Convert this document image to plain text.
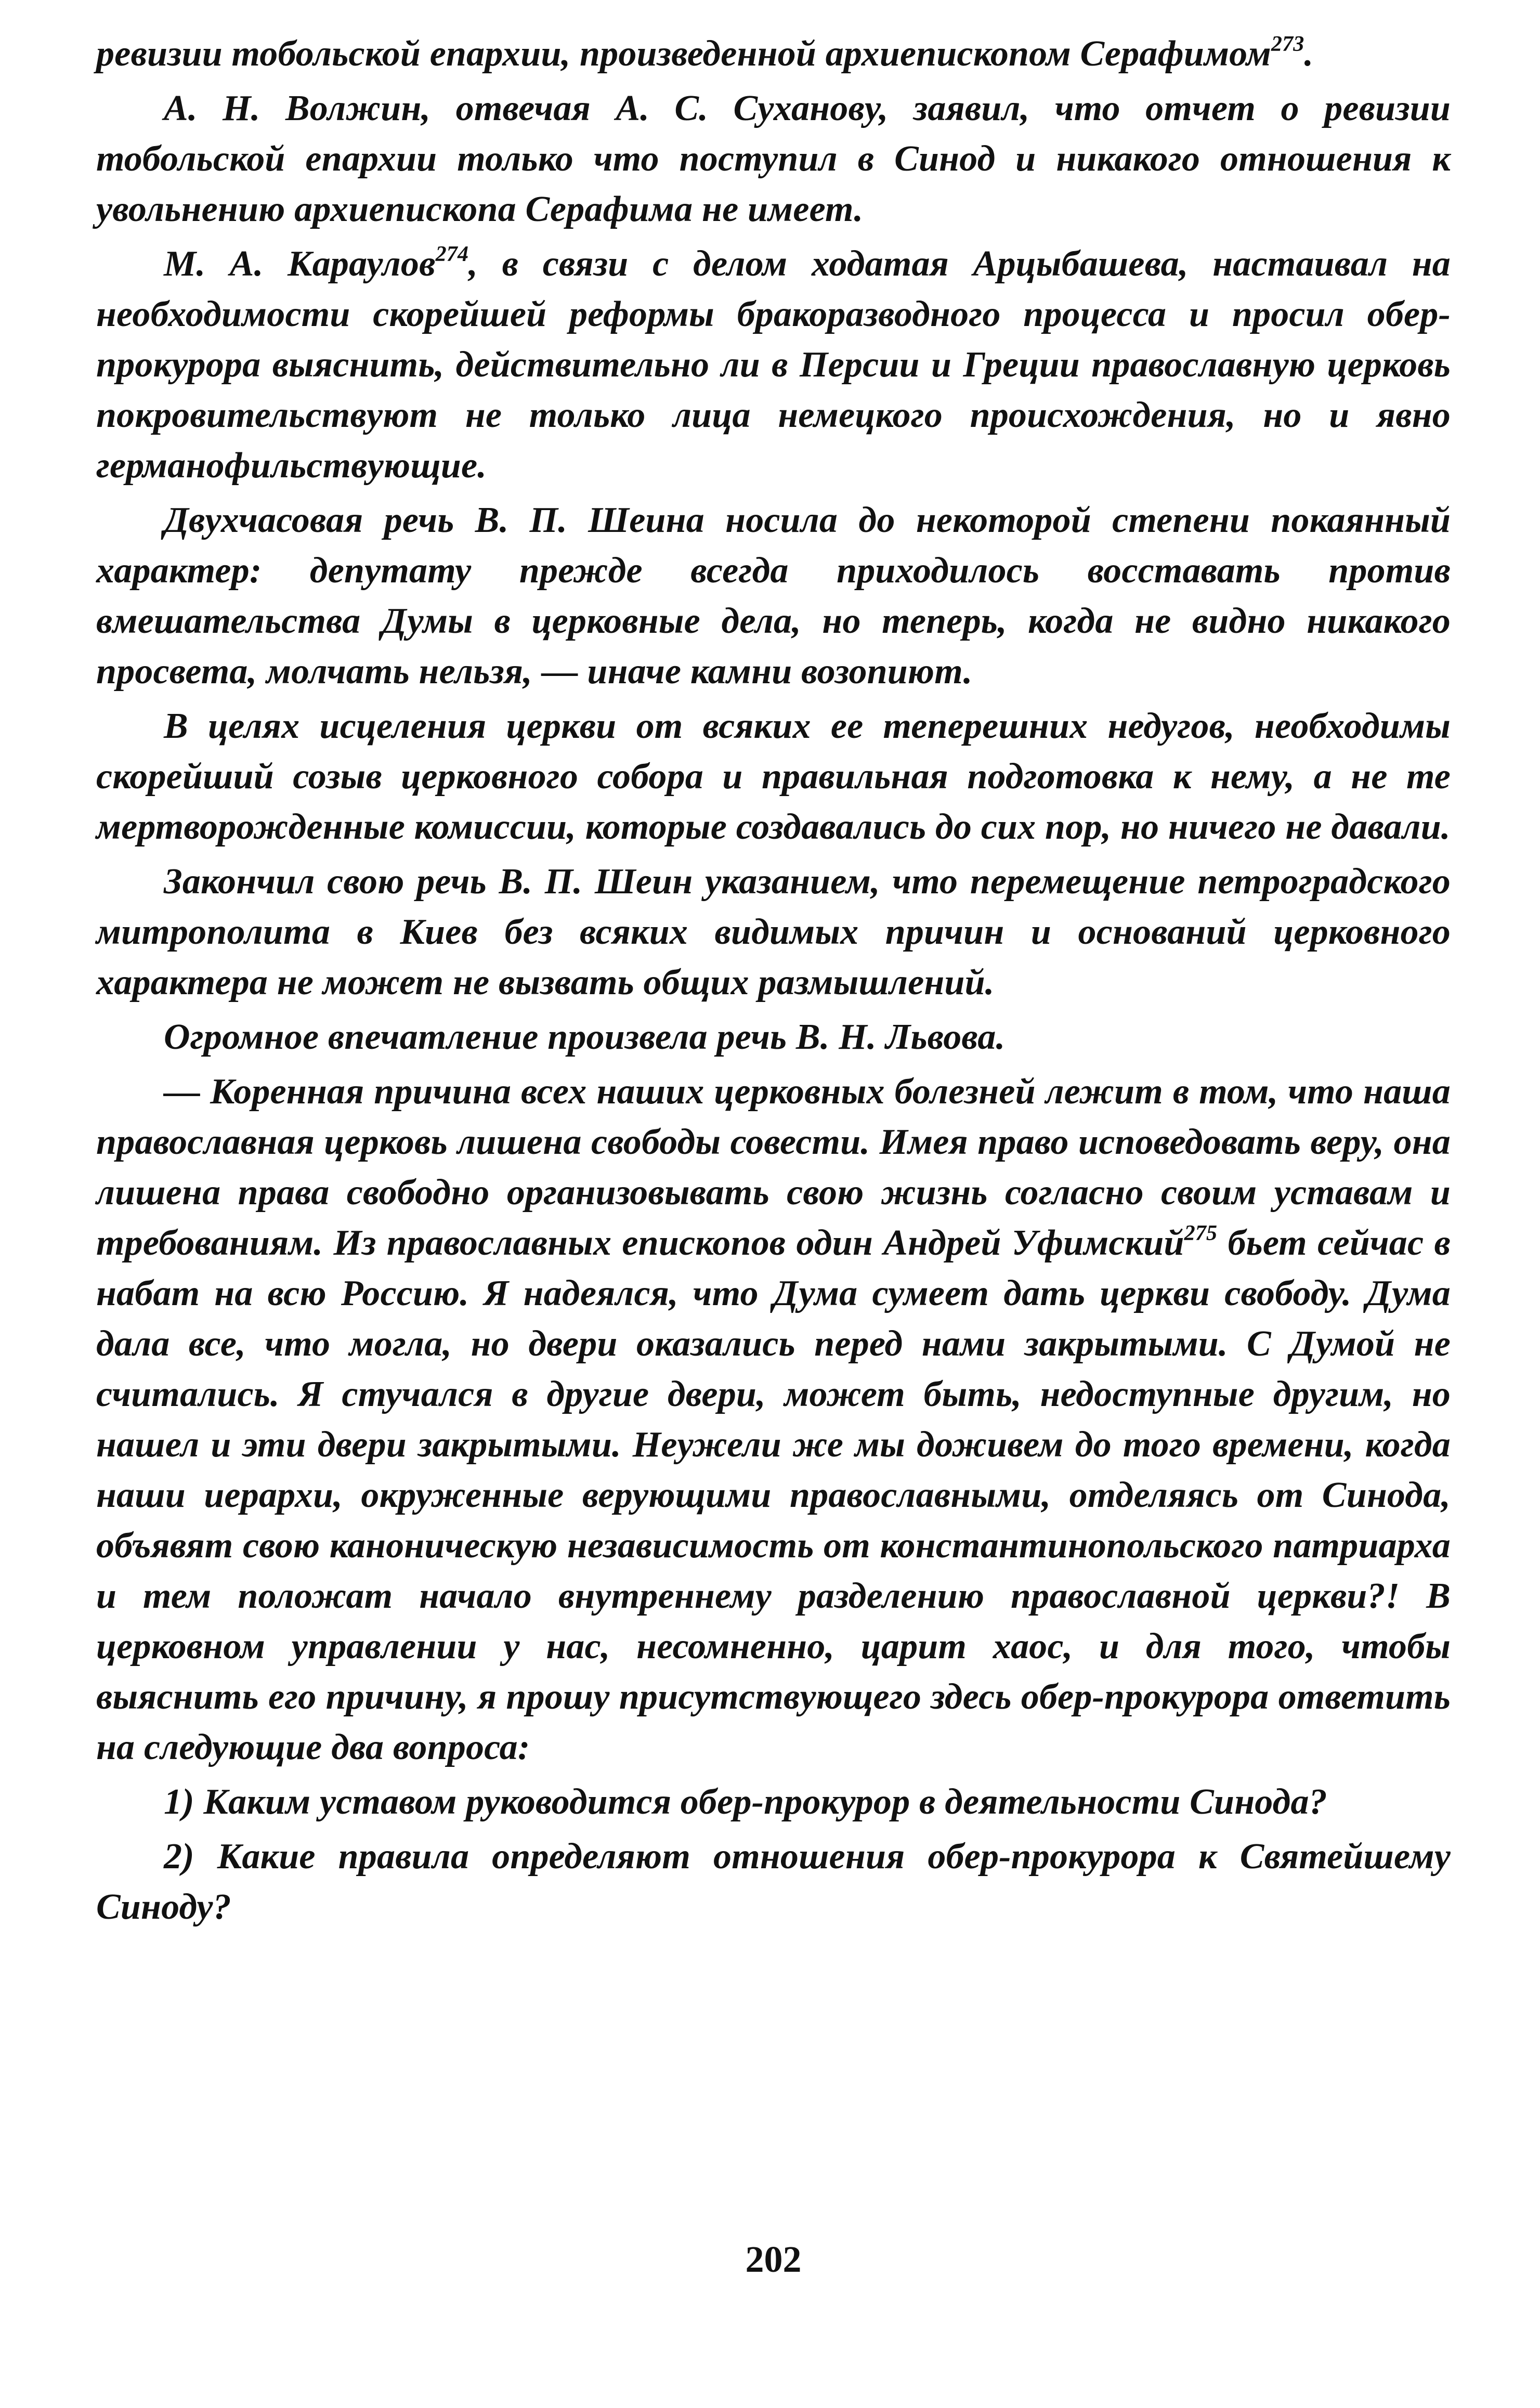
ревизии тобольской епархии, произведенной архиепископом Серафимом$^{273}$.

А. Н. Волжин, отвечая А. С. Суханову, заявил, что отчет о ревизии тобольской епархии только что поступил в Синод и никакого отношения к увольнению архиепископа Серафима не имеет.

М. А. Караулов$^{274}$, в связи с делом ходатая Арцыбашева, настаивал на необходимости скорейшей реформы бракоразводного процесса и просил обер-прокурора выяснить, действительно ли в Персии и Греции православную церковь покровительствуют не только лица немецкого происхождения, но и явно германофильствующие.

Двухчасовая речь В. П. Шеина носила до некоторой степени покаянный характер: депутату прежде всегда приходилось восставать против вмешательства Думы в церковные дела, но теперь, когда не видно никакого просвета, молчать нельзя, — иначе камни возопиют.

В целях исцеления церкви от всяких ее теперешних недугов, необходимы скорейший созыв церковного собора и правильная подготовка к нему, а не те мертворожденные комиссии, которые создавались до сих пор, но ничего не давали.

Закончил свою речь В. П. Шеин указанием, что перемещение петроградского митрополита в Киев без всяких видимых причин и оснований церковного характера не может не вызвать общих размышлений.

Огромное впечатление произвела речь В. Н. Львова.

— Коренная причина всех наших церковных болезней лежит в том, что наша православная церковь лишена свободы совести. Имея право исповедовать веру, она лишена права свободно организовывать свою жизнь согласно своим уставам и требованиям. Из православных епископов один Андрей Уфимский$^{275}$ бьет сейчас в набат на всю Россию. Я надеялся, что Дума сумеет дать церкви свободу. Дума дала все, что могла, но двери оказались перед нами закрытыми. С Думой не считались. Я стучался в другие двери, может быть, недоступные другим, но нашел и эти двери закрытыми. Неужели же мы доживем до того времени, когда наши иерархи, окруженные верующими православными, отделяясь от Синода, объявят свою каноническую независимость от константинопольского патриарха и тем положат начало внутреннему разделению православной церкви?! В церковном управлении у нас, несомненно, царит хаос, и для того, чтобы выяснить его причину, я прошу присутствующего здесь обер-прокурора ответить на следующие два вопроса:

1) Каким уставом руководится обер-прокурор в деятельности Синода?

2) Какие правила определяют отношения обер-прокурора к Святейшему Синоду?

202
